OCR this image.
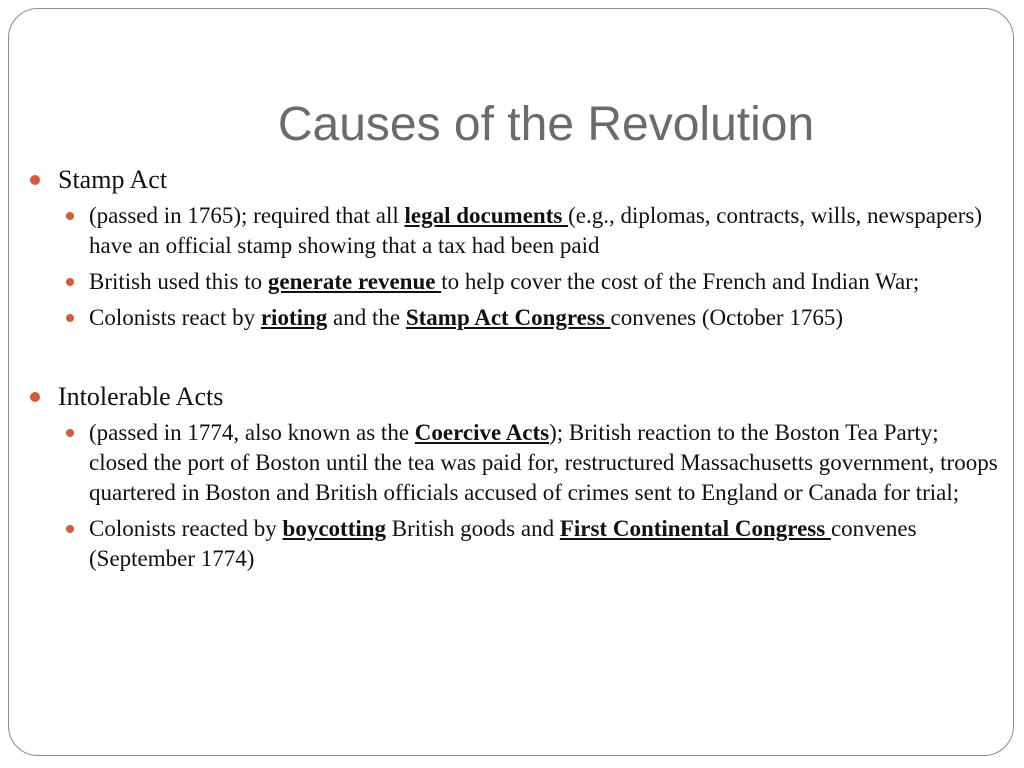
Causes of the Revolution
Stamp Act
(passed in 1765); required that all legal documents (e.g., diplomas, contracts, wills, newspapers) have an official stamp showing that a tax had been paid
British used this to generate revenue to help cover the cost of the French and Indian War;
Colonists react by rioting and the Stamp Act Congress convenes (October 1765)
Intolerable Acts
(passed in 1774, also known as the Coercive Acts); British reaction to the Boston Tea Party; closed the port of Boston until the tea was paid for, restructured Massachusetts government, troops quartered in Boston and British officials accused of crimes sent to England or Canada for trial;
Colonists reacted by boycotting British goods and First Continental Congress convenes (September 1774)
